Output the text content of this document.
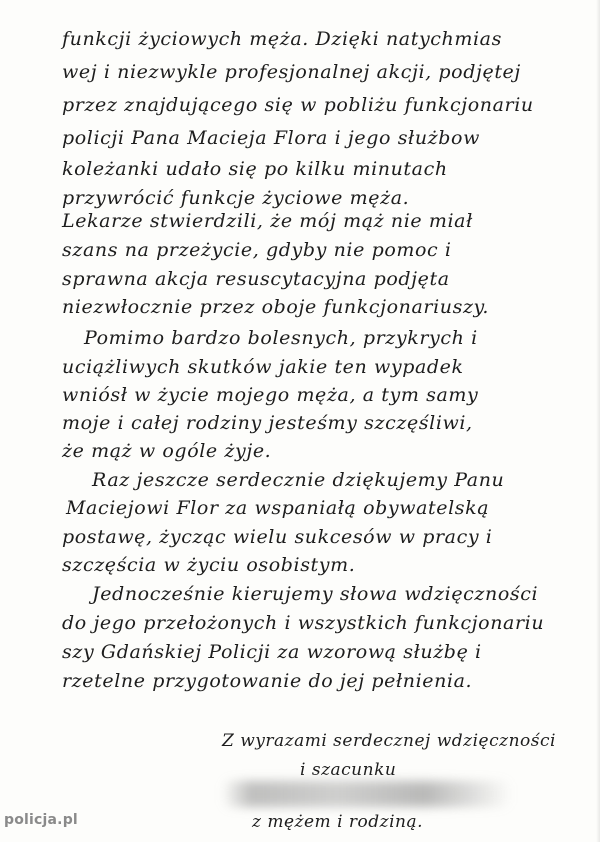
funkcji życiowych męża. Dzięki natychmias
wej i niezwykle profesjonalnej akcji, podjętej
przez znajdującego się w pobliżu funkcjonariu
policji Pana Macieja Flora i jego służbow
koleżanki udało się po kilku minutach
przywrócić funkcje życiowe męża.
Lekarze stwierdzili, że mój mąż nie miał
szans na przeżycie, gdyby nie pomoc i
sprawna akcja resuscytacyjna podjęta
niezwłocznie przez oboje funkcjonariuszy.
Pomimo bardzo bolesnych, przykrych i
uciążliwych skutków jakie ten wypadek
wniósł w życie mojego męża, a tym samy
moje i całej rodziny jesteśmy szczęśliwi,
że mąż w ogóle żyje.
Raz jeszcze serdecznie dziękujemy Panu
Maciejowi Flor za wspaniałą obywatelską
postawę, życząc wielu sukcesów w pracy i
szczęścia w życiu osobistym.
Jednocześnie kierujemy słowa wdzięczności
do jego przełożonych i wszystkich funkcjonariu
szy Gdańskiej Policji za wzorową służbę i
rzetelne przygotowanie do jej pełnienia.
Z wyrazami serdecznej wdzięczności
i szacunku
z mężem i rodziną.
policja.pl
